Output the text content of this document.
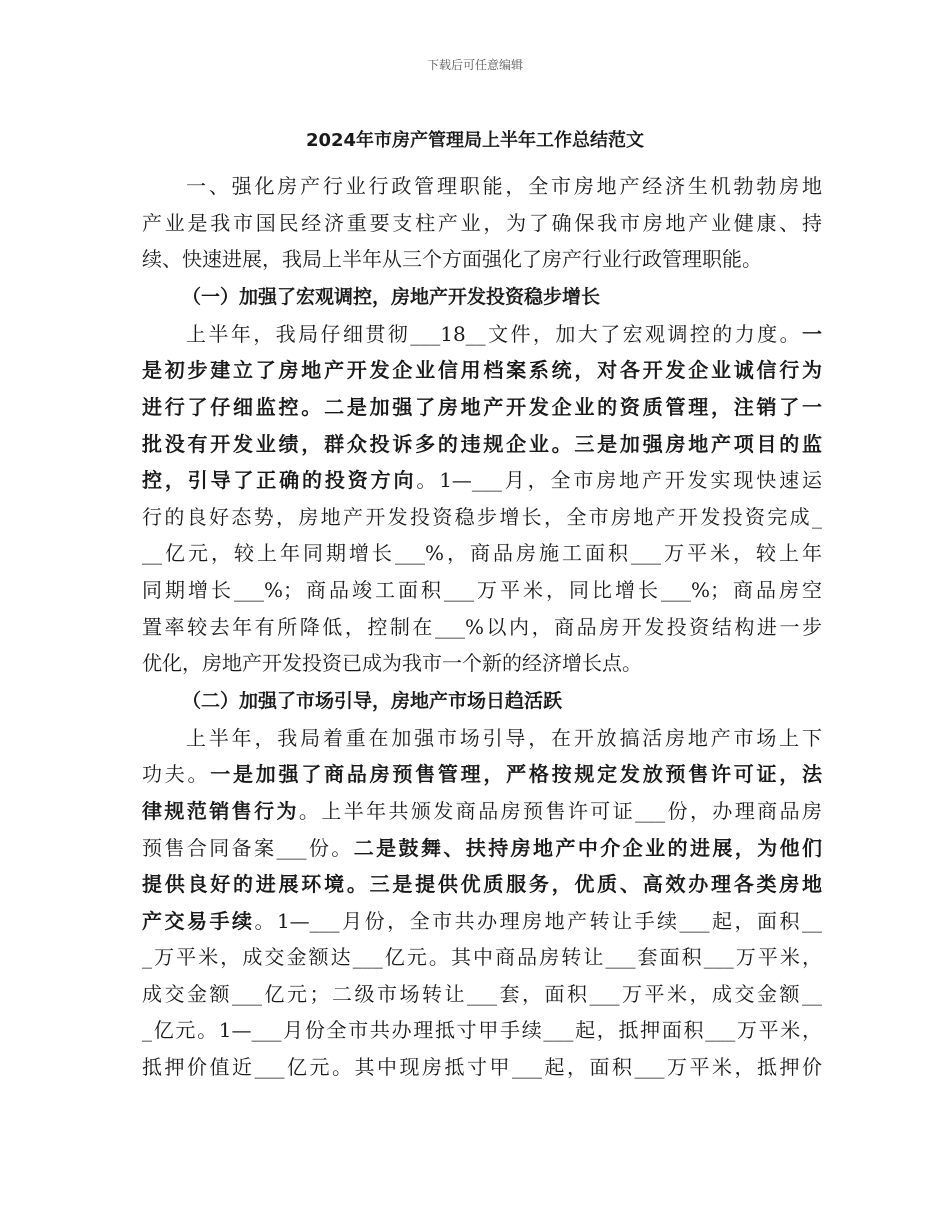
下载后可任意编辑
2024年市房产管理局上半年工作总结范文
一、强化房产行业行政管理职能，全市房地产经济生机勃勃房地
产业是我市国民经济重要支柱产业，为了确保我市房地产业健康、持
续、快速进展，我局上半年从三个方面强化了房产行业行政管理职能。
（一）加强了宏观调控，房地产开发投资稳步增长
上半年，我局仔细贯彻___18__文件，加大了宏观调控的力度。一
是初步建立了房地产开发企业信用档案系统，对各开发企业诚信行为
进行了仔细监控。二是加强了房地产开发企业的资质管理，注销了一
批没有开发业绩，群众投诉多的违规企业。三是加强房地产项目的监
控，引导了正确的投资方向。1—___月，全市房地产开发实现快速运
行的良好态势，房地产开发投资稳步增长，全市房地产开发投资完成_
__亿元，较上年同期增长___%，商品房施工面积___万平米，较上年
同期增长___%；商品竣工面积___万平米，同比增长___%；商品房空
置率较去年有所降低，控制在___%以内，商品房开发投资结构进一步
优化，房地产开发投资已成为我市一个新的经济增长点。
（二）加强了市场引导，房地产市场日趋活跃
上半年，我局着重在加强市场引导，在开放搞活房地产市场上下
功夫。一是加强了商品房预售管理，严格按规定发放预售许可证，法
律规范销售行为。上半年共颁发商品房预售许可证___份，办理商品房
预售合同备案___份。二是鼓舞、扶持房地产中介企业的进展，为他们
提供良好的进展环境。三是提供优质服务，优质、高效办理各类房地
产交易手续。1—___月份，全市共办理房地产转让手续___起，面积__
_万平米，成交金额达___亿元。其中商品房转让___套面积___万平米，
成交金额___亿元；二级市场转让___套，面积___万平米，成交金额__
_亿元。1—___月份全市共办理抵寸甲手续___起，抵押面积___万平米，
抵押价值近___亿元。其中现房抵寸甲___起，面积___万平米，抵押价
